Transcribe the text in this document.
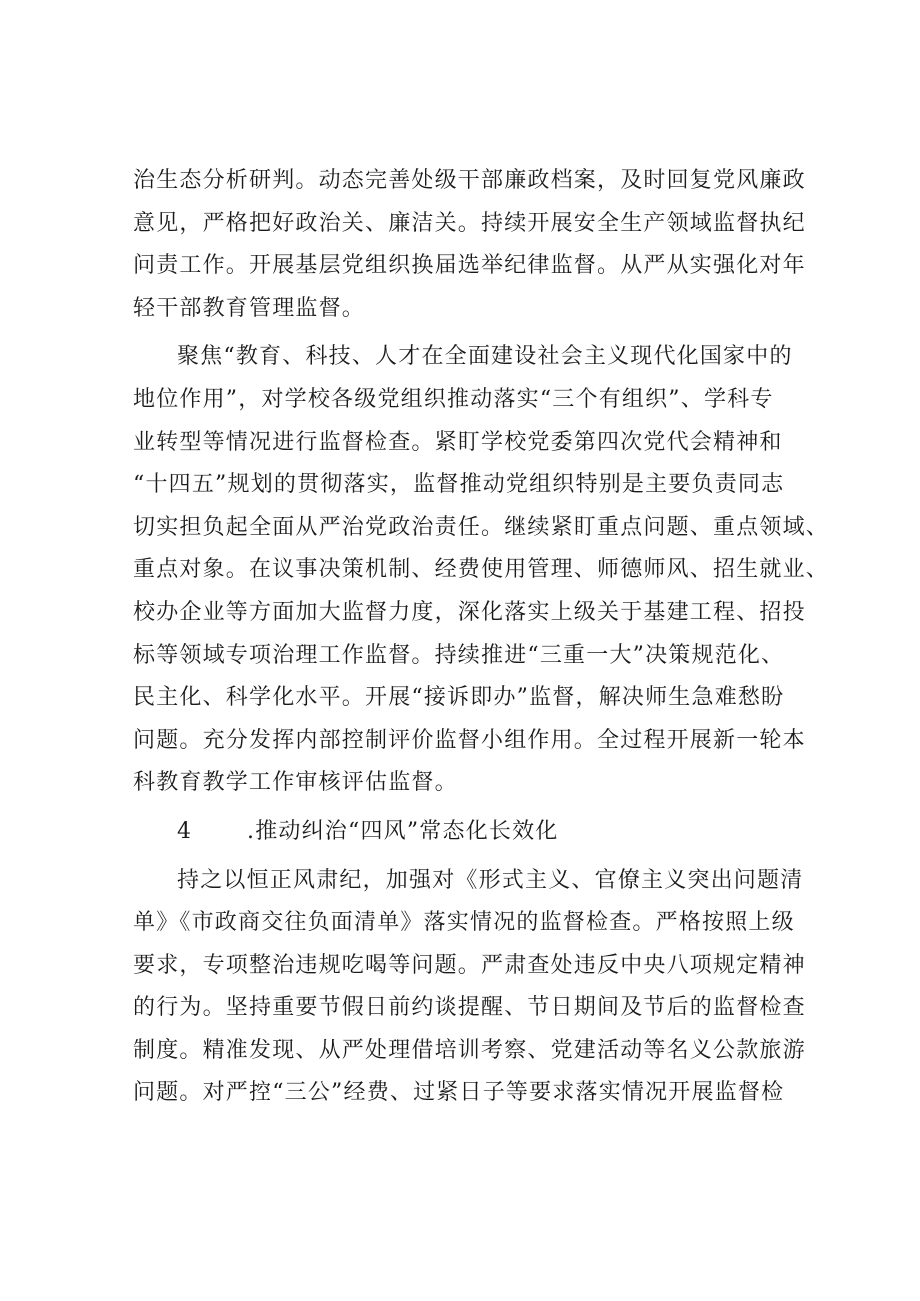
治生态分析研判。动态完善处级干部廉政档案，及时回复党风廉政
意见，严格把好政治关、廉洁关。持续开展安全生产领域监督执纪
问责工作。开展基层党组织换届选举纪律监督。从严从实强化对年
轻干部教育管理监督。
聚焦“教育、科技、人才在全面建设社会主义现代化国家中的
地位作用”，对学校各级党组织推动落实“三个有组织”、学科专
业转型等情况进行监督检查。紧盯学校党委第四次党代会精神和
“十四五”规划的贯彻落实，监督推动党组织特别是主要负责同志
切实担负起全面从严治党政治责任。继续紧盯重点问题、重点领域、
重点对象。在议事决策机制、经费使用管理、师德师风、招生就业、
校办企业等方面加大监督力度，深化落实上级关于基建工程、招投
标等领域专项治理工作监督。持续推进“三重一大”决策规范化、
民主化、科学化水平。开展“接诉即办”监督，解决师生急难愁盼
问题。充分发挥内部控制评价监督小组作用。全过程开展新一轮本
科教育教学工作审核评估监督。
4 .推动纠治“四风”常态化长效化
持之以恒正风肃纪，加强对《形式主义、官僚主义突出问题清
单》《市政商交往负面清单》落实情况的监督检查。严格按照上级
要求，专项整治违规吃喝等问题。严肃查处违反中央八项规定精神
的行为。坚持重要节假日前约谈提醒、节日期间及节后的监督检查
制度。精准发现、从严处理借培训考察、党建活动等名义公款旅游
问题。对严控“三公”经费、过紧日子等要求落实情况开展监督检
